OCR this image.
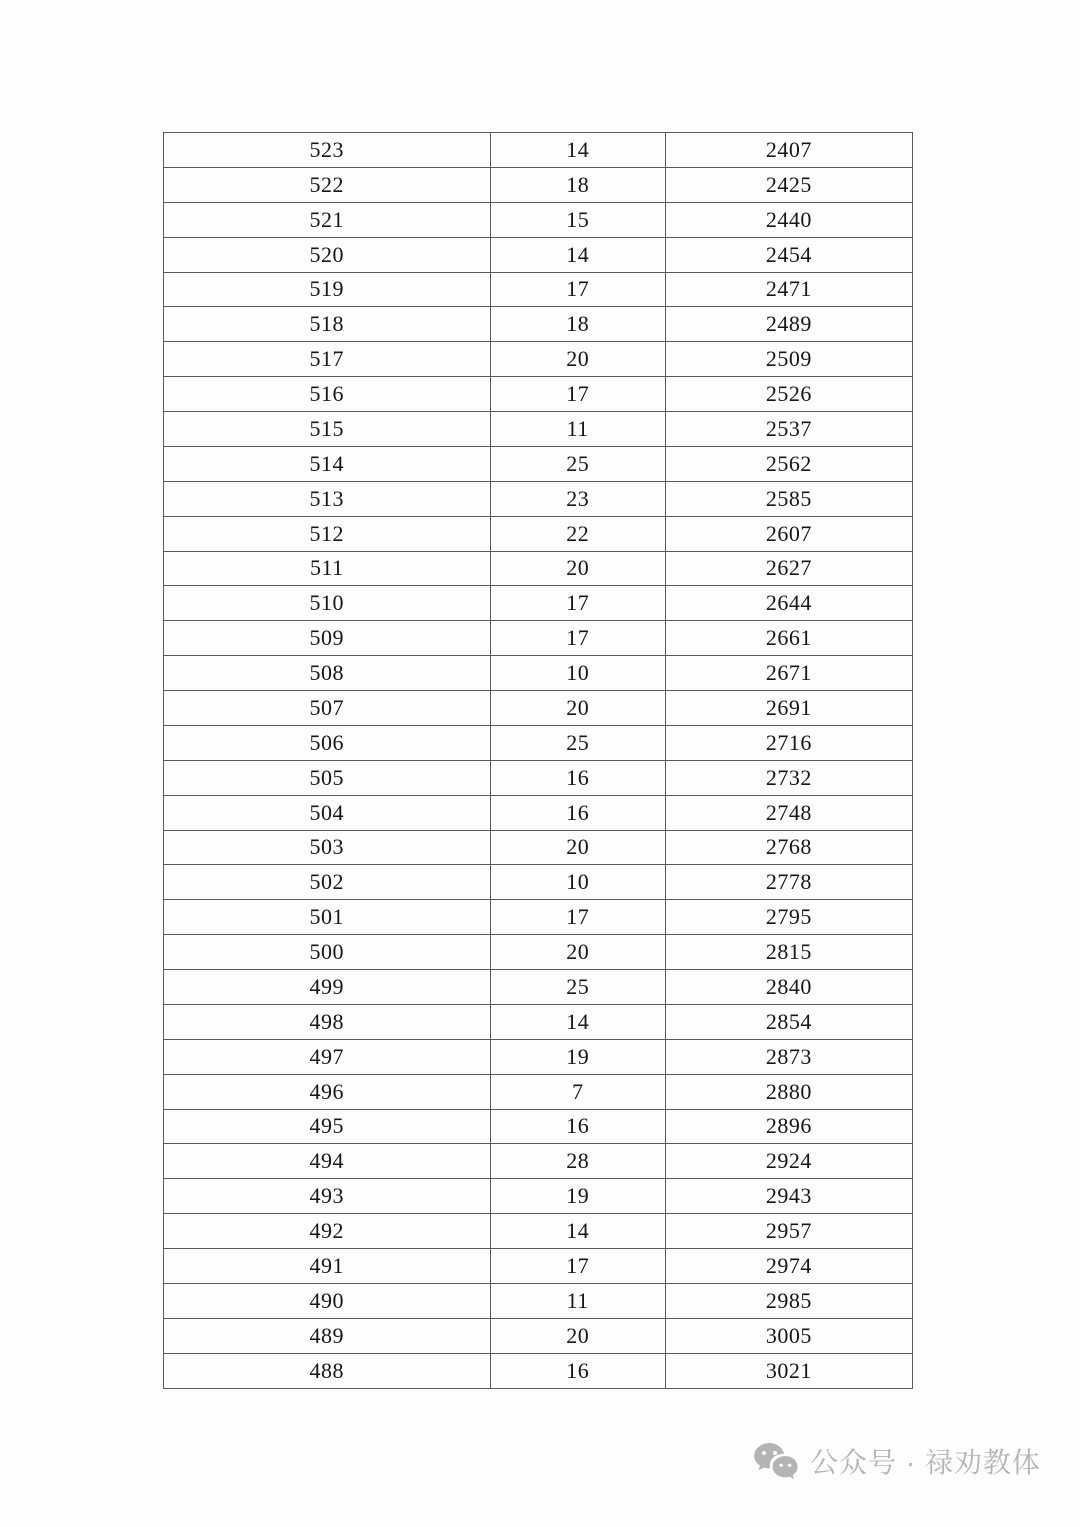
523	14	2407
522	18	2425
521	15	2440
520	14	2454
519	17	2471
518	18	2489
517	20	2509
516	17	2526
515	11	2537
514	25	2562
513	23	2585
512	22	2607
511	20	2627
510	17	2644
509	17	2661
508	10	2671
507	20	2691
506	25	2716
505	16	2732
504	16	2748
503	20	2768
502	10	2778
501	17	2795
500	20	2815
499	25	2840
498	14	2854
497	19	2873
496	7	2880
495	16	2896
494	28	2924
493	19	2943
492	14	2957
491	17	2974
490	11	2985
489	20	3005
488	16	3021
公众号 · 禄劝教体
